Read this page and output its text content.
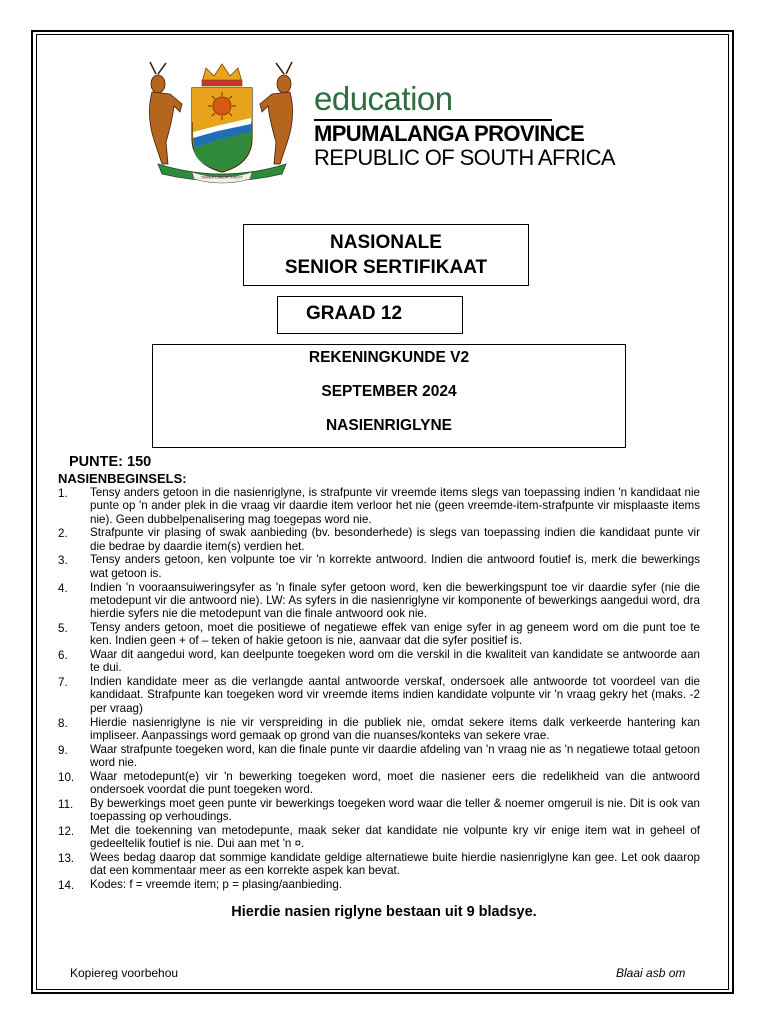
OMNIA LABOR VINCIT
education
MPUMALANGA PROVINCE
REPUBLIC OF SOUTH AFRICA
NASIONALE
SENIOR SERTIFIKAAT
GRAAD 12
REKENINGKUNDE V2
SEPTEMBER 2024
NASIENRIGLYNE
PUNTE: 150
NASIENBEGINSELS:
1. Tensy anders getoon in die nasienriglyne, is strafpunte vir vreemde items slegs van toepassing indien 'n kandidaat nie punte op 'n ander plek in die vraag vir daardie item verloor het nie (geen vreemde-item-strafpunte vir misplaaste items nie). Geen dubbelpenalisering mag toegepas word nie.
2. Strafpunte vir plasing of swak aanbieding (bv. besonderhede) is slegs van toepassing indien die kandidaat punte vir die bedrae by daardie item(s) verdien het.
3. Tensy anders getoon, ken volpunte toe vir 'n korrekte antwoord. Indien die antwoord foutief is, merk die bewerkings wat getoon is.
4. Indien 'n vooraansuiweringsyfer as 'n finale syfer getoon word, ken die bewerkingspunt toe vir daardie syfer (nie die metodepunt vir die antwoord nie). LW: As syfers in die nasienriglyne vir komponente of bewerkings aangedui word, dra hierdie syfers nie die metodepunt van die finale antwoord ook nie.
5. Tensy anders getoon, moet die positiewe of negatiewe effek van enige syfer in ag geneem word om die punt toe te ken. Indien geen + of – teken of hakie getoon is nie, aanvaar dat die syfer positief is.
6. Waar dit aangedui word, kan deelpunte toegeken word om die verskil in die kwaliteit van kandidate se antwoorde aan te dui.
7. Indien kandidate meer as die verlangde aantal antwoorde verskaf, ondersoek alle antwoorde tot voordeel van die kandidaat. Strafpunte kan toegeken word vir vreemde items indien kandidate volpunte vir 'n vraag gekry het (maks. -2 per vraag)
8. Hierdie nasienriglyne is nie vir verspreiding in die publiek nie, omdat sekere items dalk verkeerde hantering kan impliseer. Aanpassings word gemaak op grond van die nuanses/konteks van sekere vrae.
9. Waar strafpunte toegeken word, kan die finale punte vir daardie afdeling van 'n vraag nie as 'n negatiewe totaal getoon word nie.
10. Waar metodepunt(e) vir 'n bewerking toegeken word, moet die nasiener eers die redelikheid van die antwoord ondersoek voordat die punt toegeken word.
11. By bewerkings moet geen punte vir bewerkings toegeken word waar die teller & noemer omgeruil is nie. Dit is ook van toepassing op verhoudings.
12. Met die toekenning van metodepunte, maak seker dat kandidate nie volpunte kry vir enige item wat in geheel of gedeeltelik foutief is nie. Dui aan met 'n ¤.
13. Wees bedag daarop dat sommige kandidate geldige alternatiewe buite hierdie nasienriglyne kan gee. Let ook daarop dat een kommentaar meer as een korrekte aspek kan bevat.
14. Kodes: f = vreemde item; p = plasing/aanbieding.
Hierdie nasien riglyne bestaan uit 9 bladsye.
Kopiereg voorbehou	Blaai asb om
